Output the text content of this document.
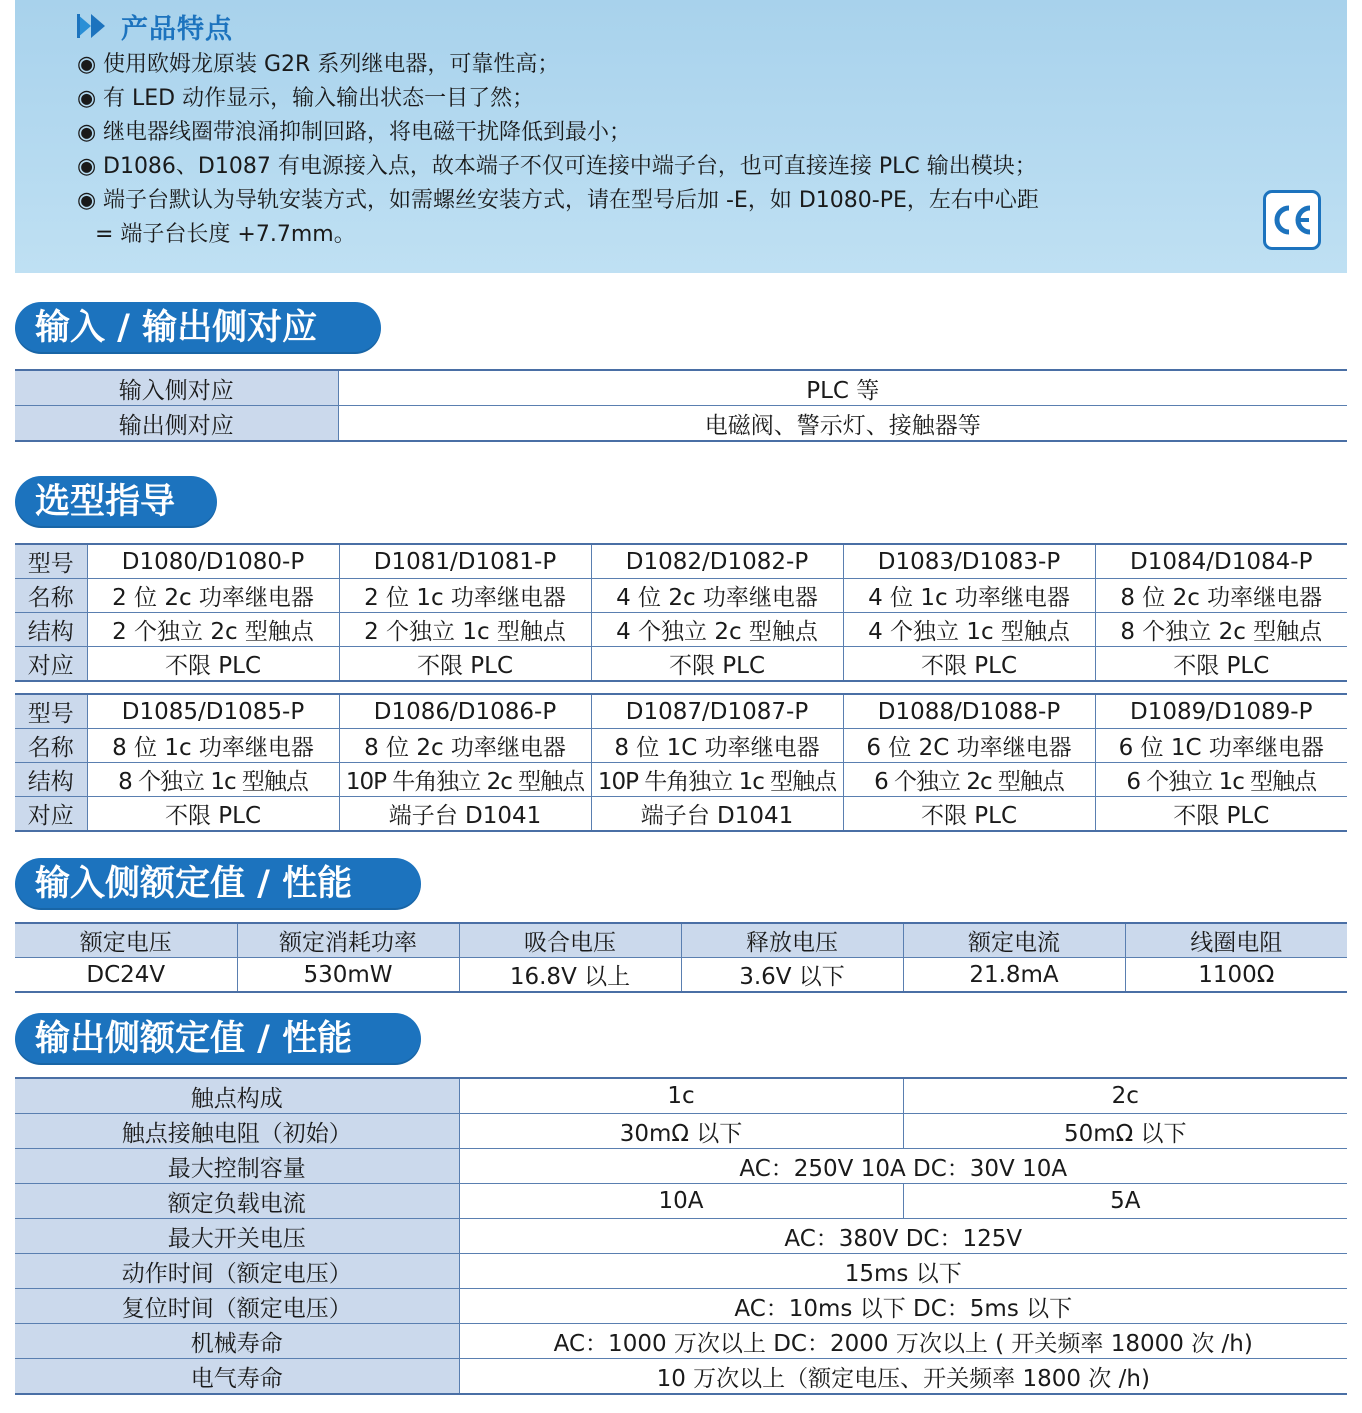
产品特点
◉ 使用欧姆龙原装 G2R 系列继电器，可靠性高；
◉ 有 LED 动作显示，输入输出状态一目了然；
◉ 继电器线圈带浪涌抑制回路，将电磁干扰降低到最小；
◉ D1086、D1087 有电源接入点，故本端子不仅可连接中端子台，也可直接连接 PLC 输出模块；
◉ 端子台默认为导轨安装方式，如需螺丝安装方式，请在型号后加 -E，如 D1080-PE，左右中心距
= 端子台长度 +7.7mm。
输入 / 输出侧对应
输入侧对应	PLC 等
输出侧对应	电磁阀、警示灯、接触器等
选型指导
型号	D1080/D1080-P	D1081/D1081-P	D1082/D1082-P	D1083/D1083-P	D1084/D1084-P
名称	2 位 2c 功率继电器	2 位 1c 功率继电器	4 位 2c 功率继电器	4 位 1c 功率继电器	8 位 2c 功率继电器
结构	2 个独立 2c 型触点	2 个独立 1c 型触点	4 个独立 2c 型触点	4 个独立 1c 型触点	8 个独立 2c 型触点
对应	不限 PLC	不限 PLC	不限 PLC	不限 PLC	不限 PLC
型号	D1085/D1085-P	D1086/D1086-P	D1087/D1087-P	D1088/D1088-P	D1089/D1089-P
名称	8 位 1c 功率继电器	8 位 2c 功率继电器	8 位 1C 功率继电器	6 位 2C 功率继电器	6 位 1C 功率继电器
结构	8 个独立 1c 型触点	10P 牛角独立 2c 型触点	10P 牛角独立 1c 型触点	6 个独立 2c 型触点	6 个独立 1c 型触点
对应	不限 PLC	端子台 D1041	端子台 D1041	不限 PLC	不限 PLC
输入侧额定值 / 性能
额定电压	额定消耗功率	吸合电压	释放电压	额定电流	线圈电阻
DC24V	530mW	16.8V 以上	3.6V 以下	21.8mA	1100Ω
输出侧额定值 / 性能
触点构成	1c	2c
触点接触电阻（初始）	30mΩ 以下	50mΩ 以下
最大控制容量	AC：250V 10A DC：30V 10A	
额定负载电流	10A	5A
最大开关电压	AC：380V DC：125V	
动作时间（额定电压）	15ms 以下	
复位时间（额定电压）	AC：10ms 以下 DC：5ms 以下	
机械寿命	AC：1000 万次以上 DC：2000 万次以上 ( 开关频率 18000 次 /h)	
电气寿命	10 万次以上（额定电压、开关频率 1800 次 /h)	
